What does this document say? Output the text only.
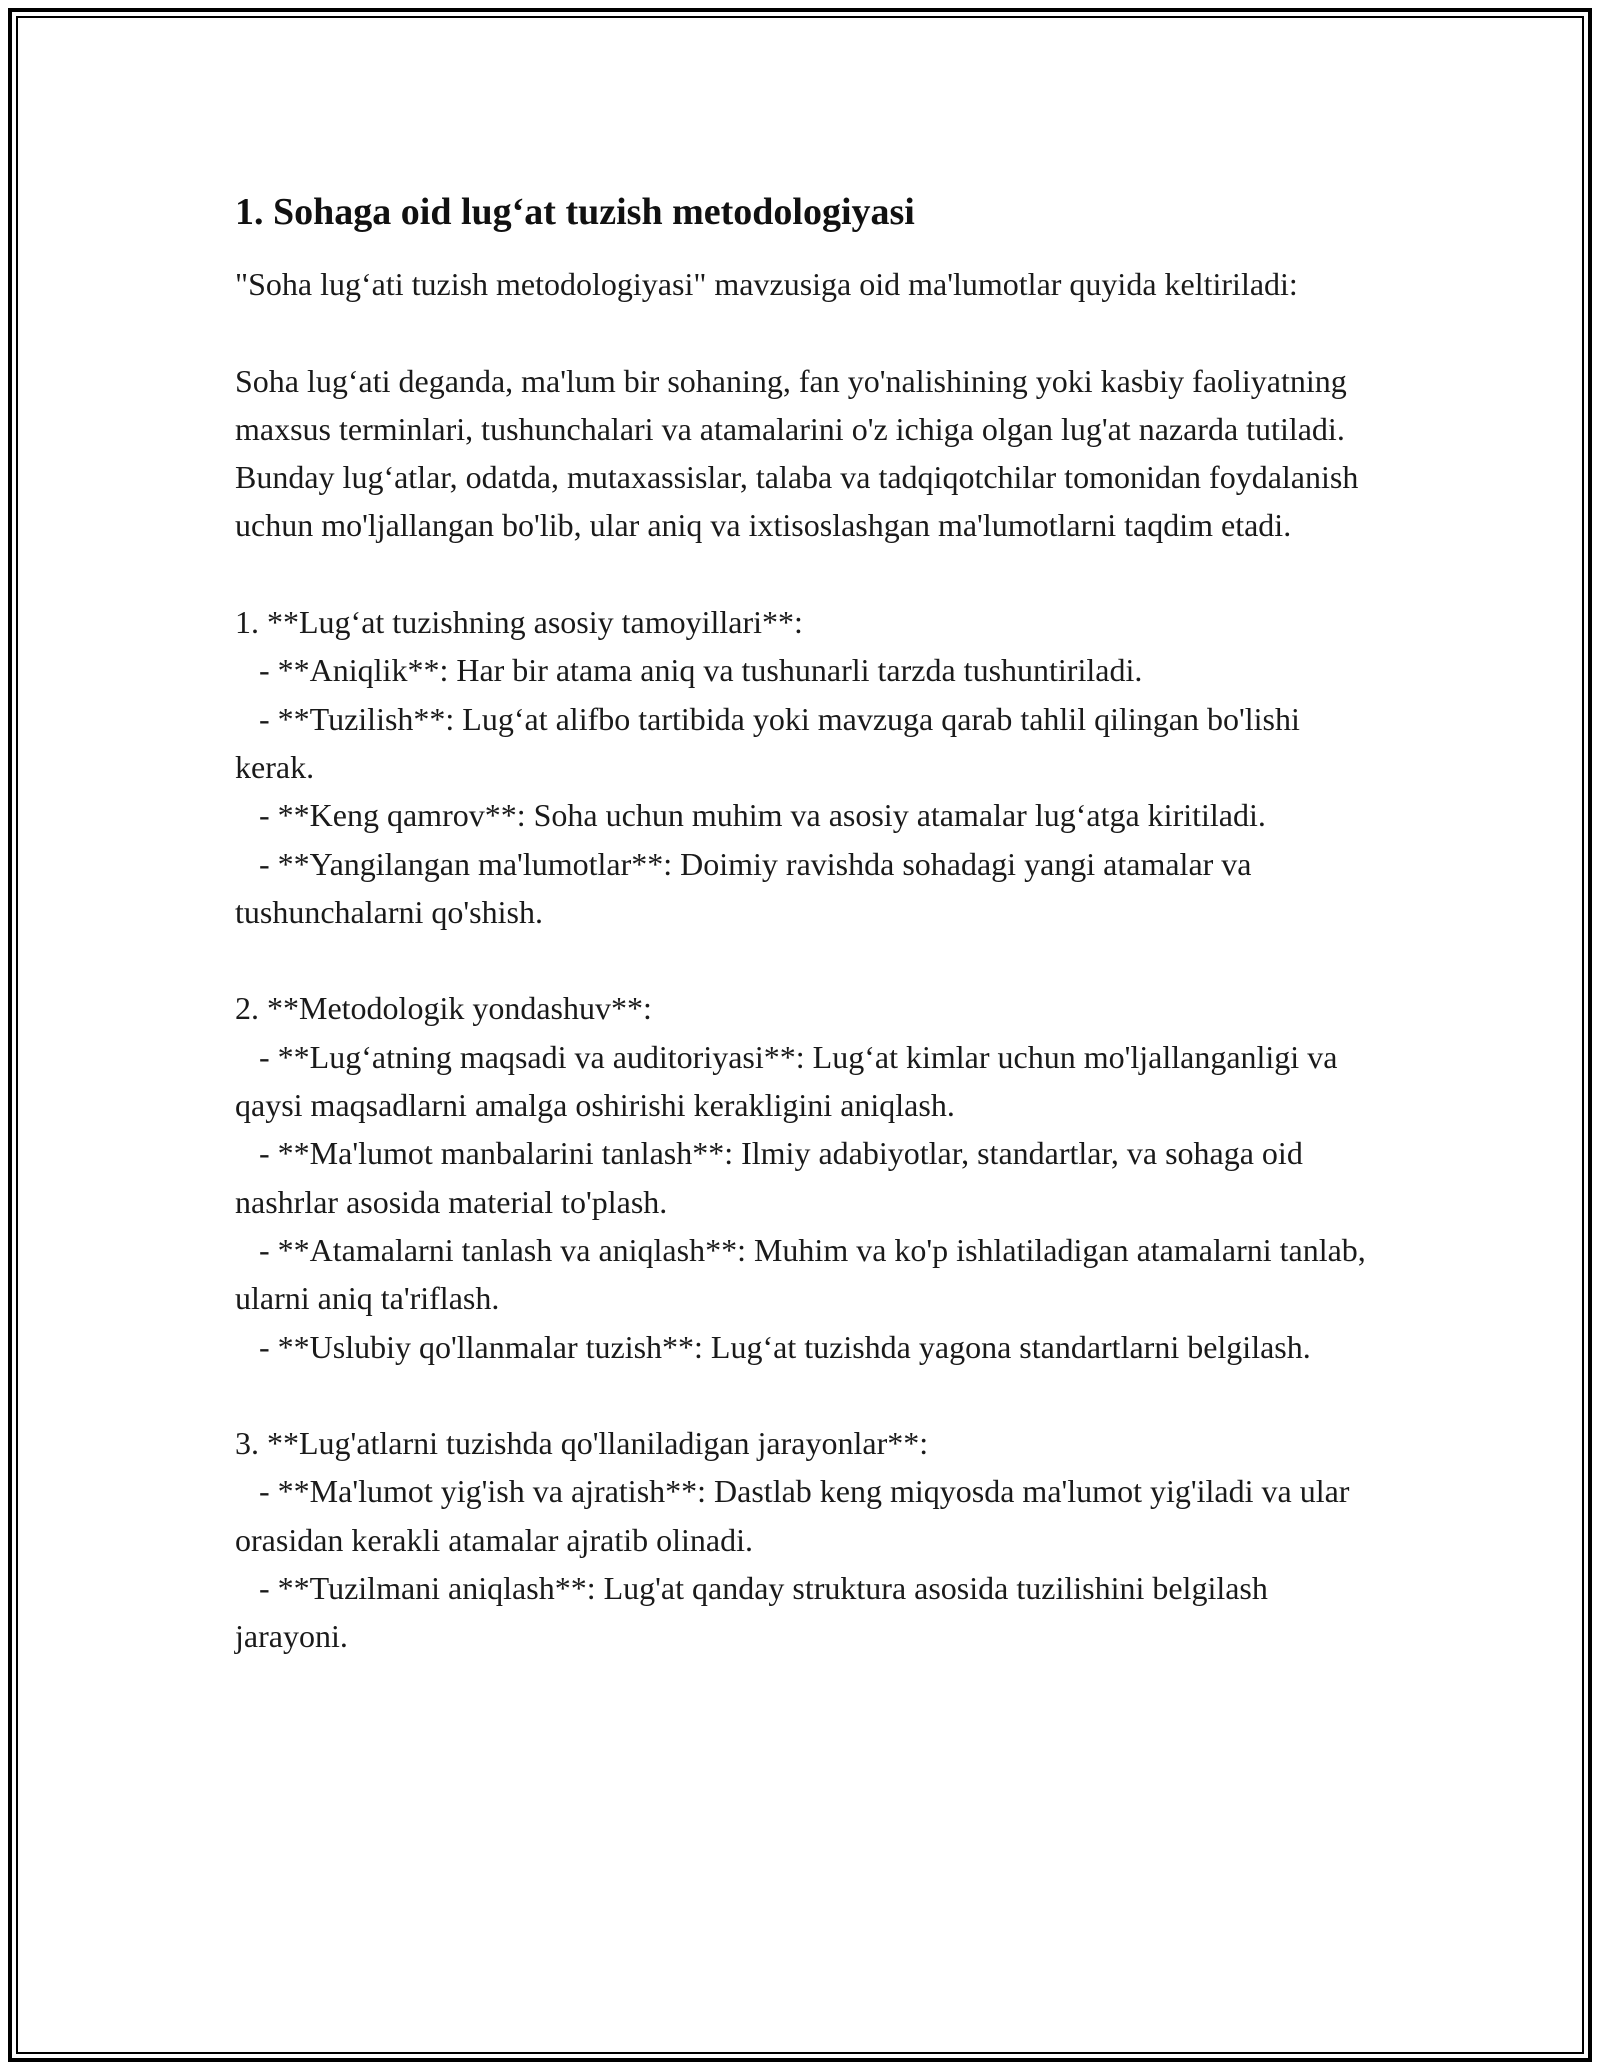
1. Sohaga oid lug‘at tuzish metodologiyasi

"Soha lug‘ati tuzish metodologiyasi" mavzusiga oid ma'lumotlar quyida keltiriladi:

Soha lug‘ati deganda, ma'lum bir sohaning, fan yo'nalishining yoki kasbiy faoliyatning maxsus terminlari, tushunchalari va atamalarini o'z ichiga olgan lug'at nazarda tutiladi. Bunday lug‘atlar, odatda, mutaxassislar, talaba va tadqiqotchilar tomonidan foydalanish uchun mo'ljallangan bo'lib, ular aniq va ixtisoslashgan ma'lumotlarni taqdim etadi.

1. **Lug‘at tuzishning asosiy tamoyillari**:

- **Aniqlik**: Har bir atama aniq va tushunarli tarzda tushuntiriladi.

- **Tuzilish**: Lug‘at alifbo tartibida yoki mavzuga qarab tahlil qilingan bo'lishi kerak.

- **Keng qamrov**: Soha uchun muhim va asosiy atamalar lug‘atga kiritiladi.

- **Yangilangan ma'lumotlar**: Doimiy ravishda sohadagi yangi atamalar va tushunchalarni qo'shish.

2. **Metodologik yondashuv**:

- **Lug‘atning maqsadi va auditoriyasi**: Lug‘at kimlar uchun mo'ljallanganligi va qaysi maqsadlarni amalga oshirishi kerakligini aniqlash.

- **Ma'lumot manbalarini tanlash**: Ilmiy adabiyotlar, standartlar, va sohaga oid nashrlar asosida material to'plash.

- **Atamalarni tanlash va aniqlash**: Muhim va ko'p ishlatiladigan atamalarni tanlab, ularni aniq ta'riflash.

- **Uslubiy qo'llanmalar tuzish**: Lug‘at tuzishda yagona standartlarni belgilash.

3. **Lug'atlarni tuzishda qo'llaniladigan jarayonlar**:

- **Ma'lumot yig'ish va ajratish**: Dastlab keng miqyosda ma'lumot yig'iladi va ular orasidan kerakli atamalar ajratib olinadi.

- **Tuzilmani aniqlash**: Lug'at qanday struktura asosida tuzilishini belgilash jarayoni.
